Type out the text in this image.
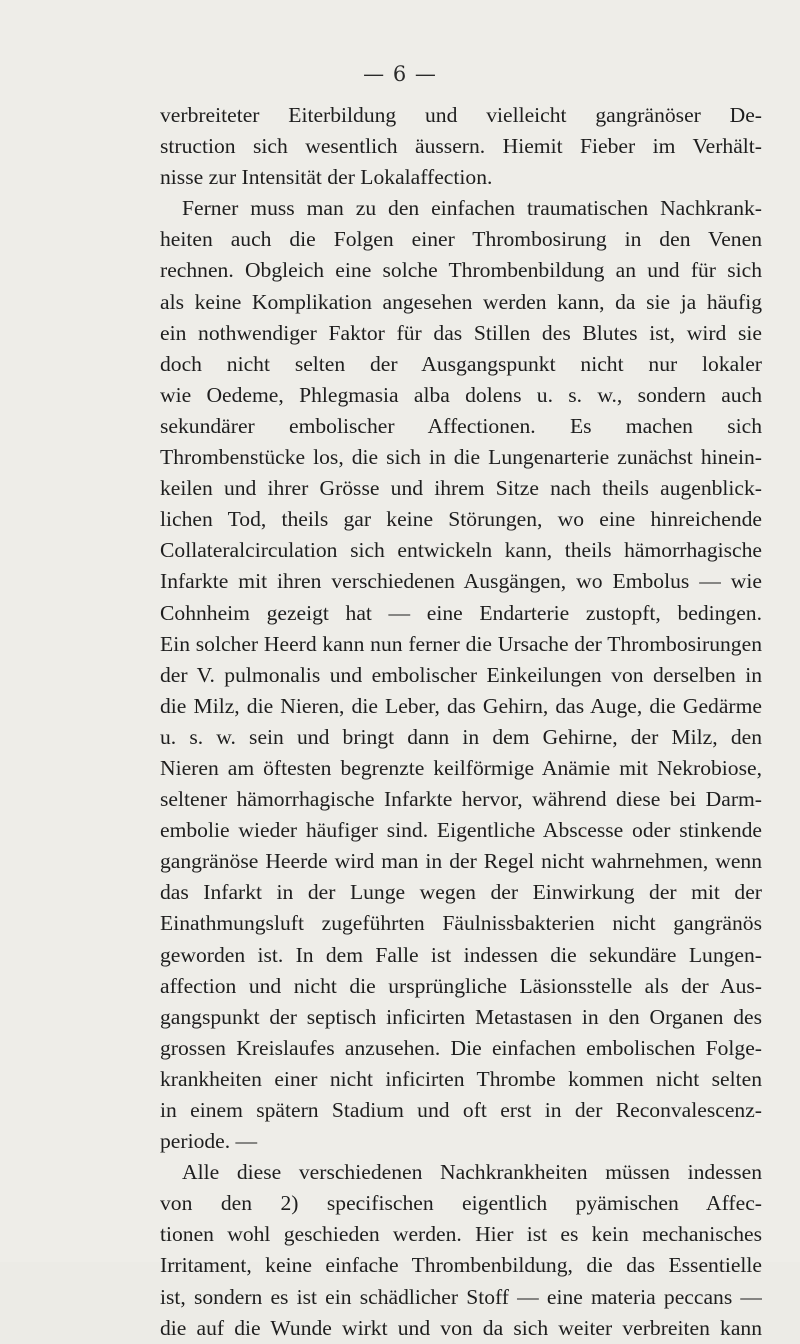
— 6 —
verbreiteter Eiterbildung und vielleicht gangränöser De-
struction sich wesentlich äussern. Hiemit Fieber im Verhält-
nisse zur Intensität der Lokalaffection.
Ferner muss man zu den einfachen traumatischen Nachkrank-
heiten auch die Folgen einer Thrombosirung in den Venen
rechnen. Obgleich eine solche Thrombenbildung an und für sich
als keine Komplikation angesehen werden kann, da sie ja häufig
ein nothwendiger Faktor für das Stillen des Blutes ist, wird sie
doch nicht selten der Ausgangspunkt nicht nur lokaler
wie Oedeme, Phlegmasia alba dolens u. s. w., sondern auch
sekundärer embolischer Affectionen. Es machen sich
Thrombenstücke los, die sich in die Lungenarterie zunächst hinein-
keilen und ihrer Grösse und ihrem Sitze nach theils augenblick-
lichen Tod, theils gar keine Störungen, wo eine hinreichende
Collateralcirculation sich entwickeln kann, theils hämorrhagische
Infarkte mit ihren verschiedenen Ausgängen, wo Embolus — wie
Cohnheim gezeigt hat — eine Endarterie zustopft, bedingen.
Ein solcher Heerd kann nun ferner die Ursache der Thrombosirungen
der V. pulmonalis und embolischer Einkeilungen von derselben in
die Milz, die Nieren, die Leber, das Gehirn, das Auge, die Gedärme
u. s. w. sein und bringt dann in dem Gehirne, der Milz, den
Nieren am öftesten begrenzte keilförmige Anämie mit Nekrobiose,
seltener hämorrhagische Infarkte hervor, während diese bei Darm-
embolie wieder häufiger sind. Eigentliche Abscesse oder stinkende
gangränöse Heerde wird man in der Regel nicht wahrnehmen, wenn
das Infarkt in der Lunge wegen der Einwirkung der mit der
Einathmungsluft zugeführten Fäulnissbakterien nicht gangränös
geworden ist. In dem Falle ist indessen die sekundäre Lungen-
affection und nicht die ursprüngliche Läsionsstelle als der Aus-
gangspunkt der septisch inficirten Metastasen in den Organen des
grossen Kreislaufes anzusehen. Die einfachen embolischen Folge-
krankheiten einer nicht inficirten Thrombe kommen nicht selten
in einem spätern Stadium und oft erst in der Reconvalescenz-
periode. —
Alle diese verschiedenen Nachkrankheiten müssen indessen
von den 2) specifischen eigentlich pyämischen Affec-
tionen wohl geschieden werden. Hier ist es kein mechanisches
Irritament, keine einfache Thrombenbildung, die das Essentielle
ist, sondern es ist ein schädlicher Stoff — eine materia peccans —
die auf die Wunde wirkt und von da sich weiter verbreiten kann
